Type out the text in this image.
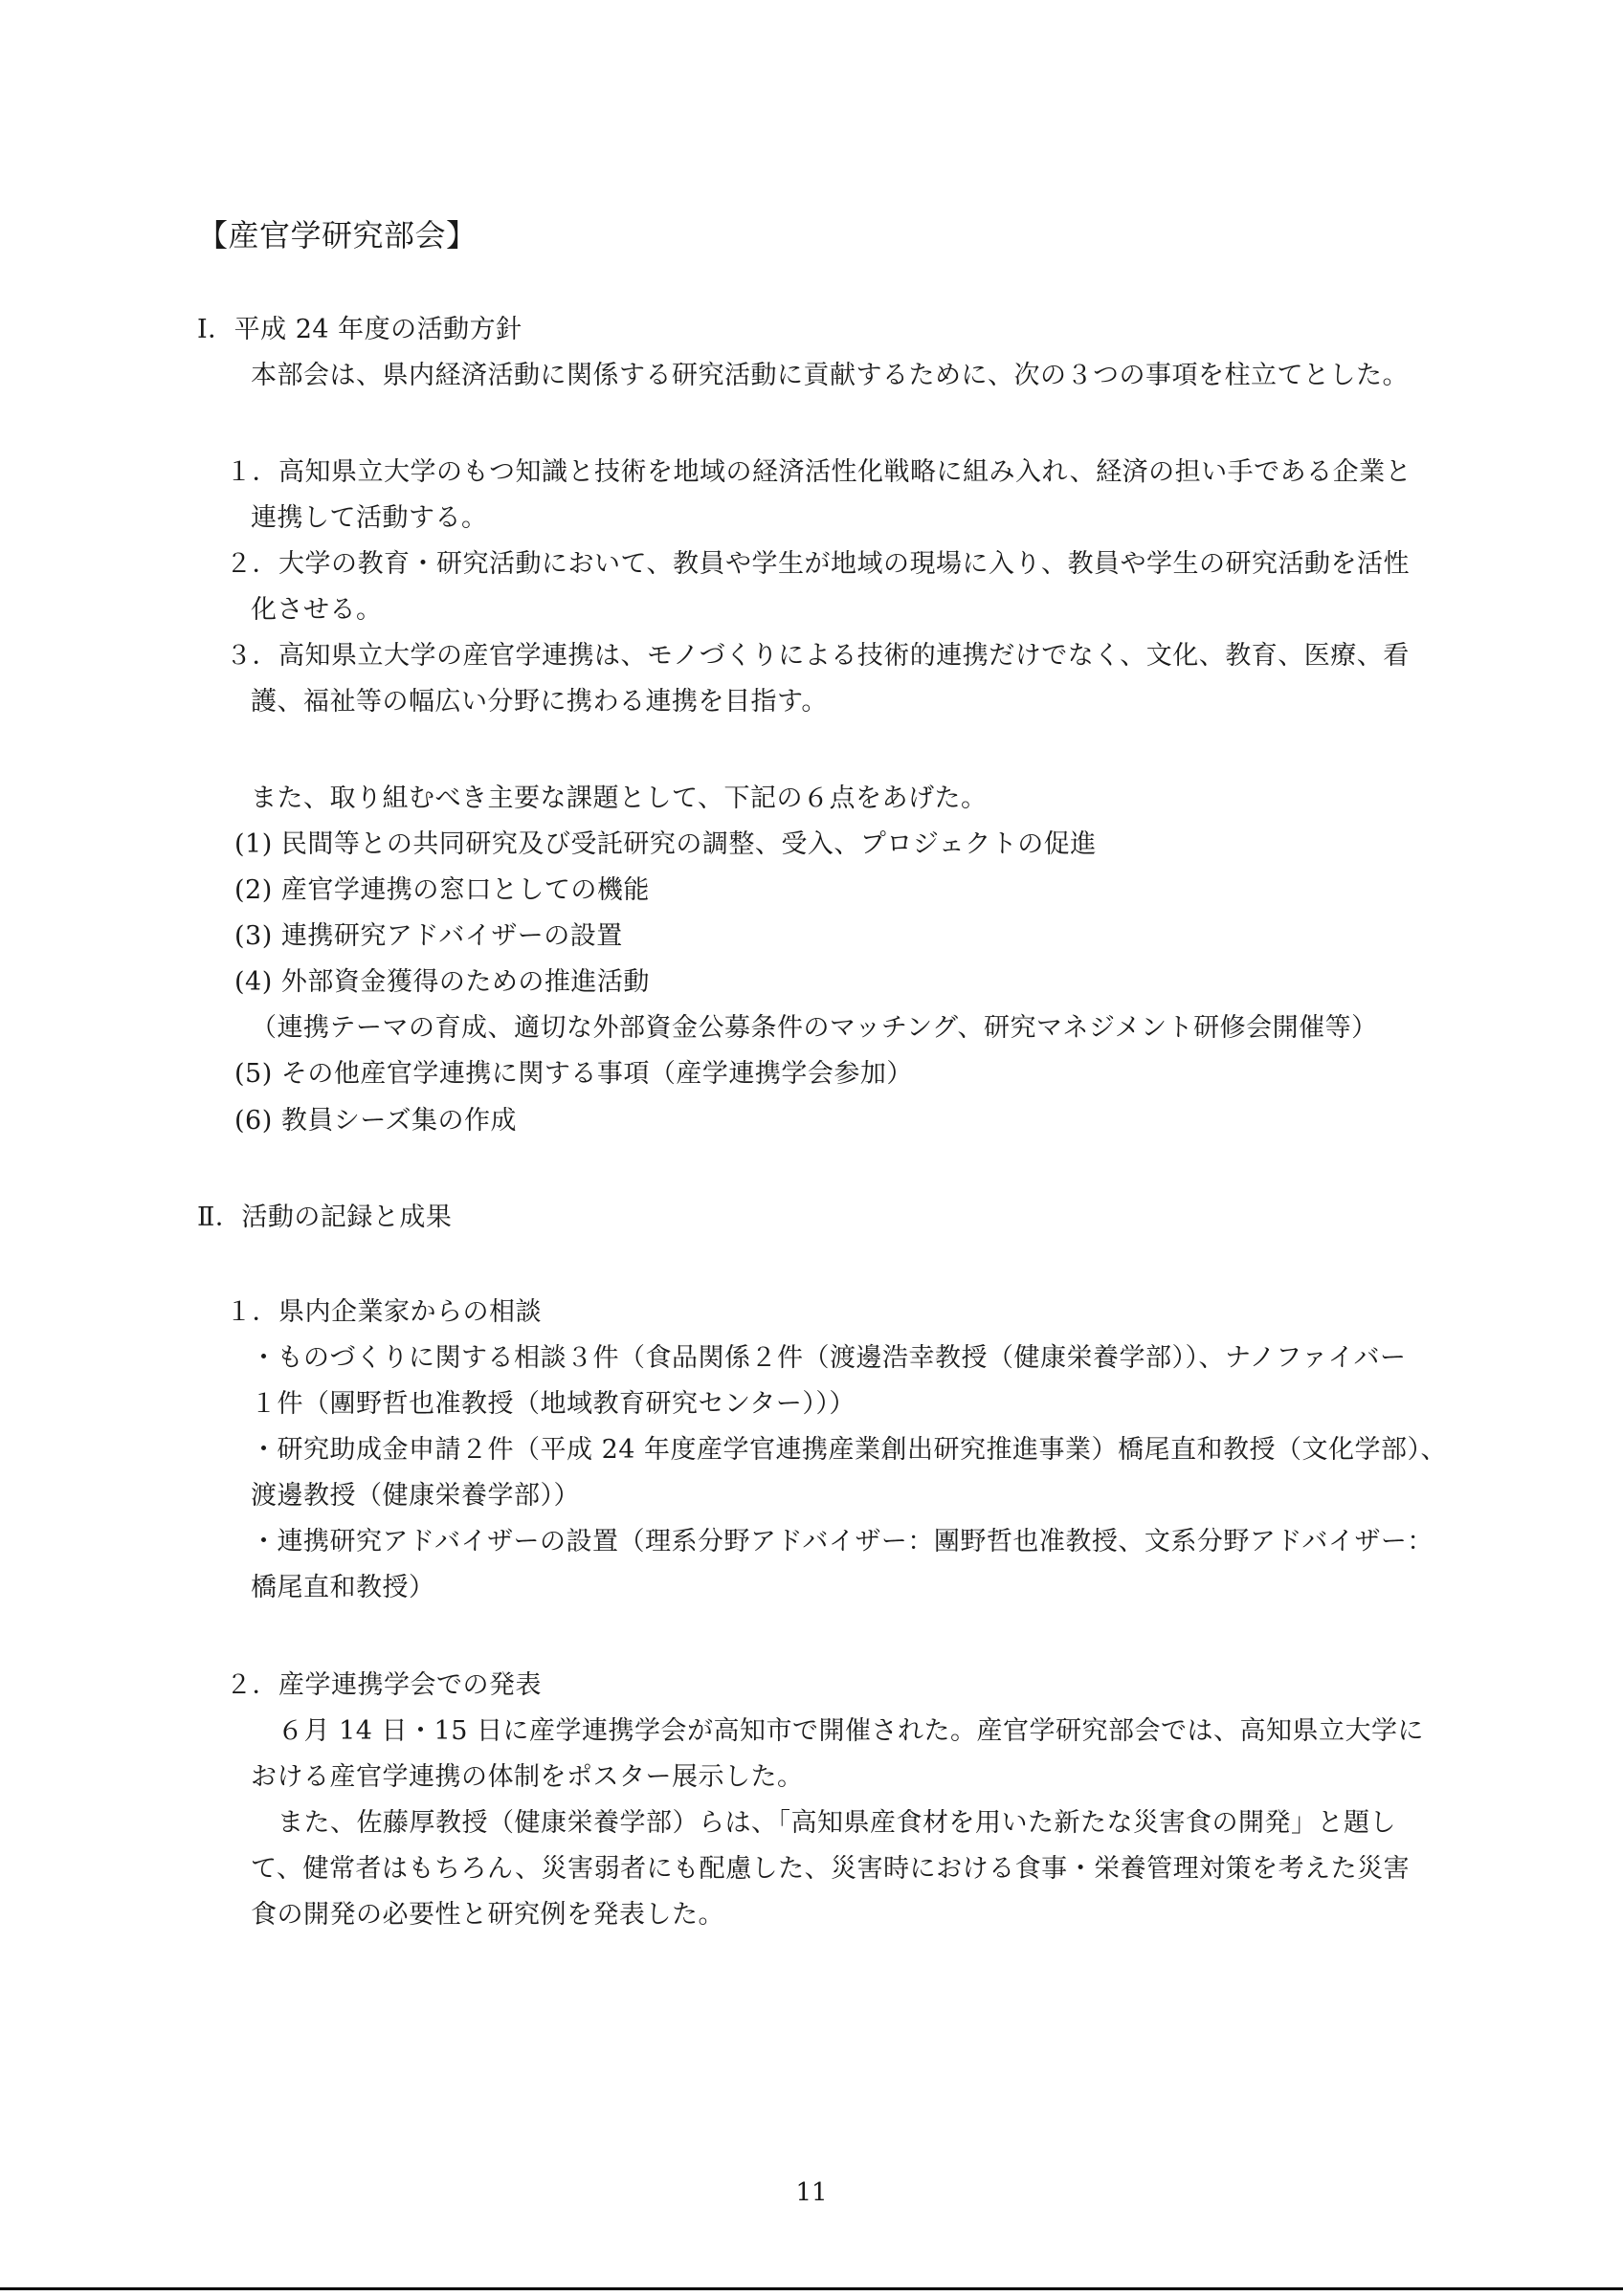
【産官学研究部会】

Ⅰ．平成 24 年度の活動方針

本部会は、県内経済活動に関係する研究活動に貢献するために、次の３つの事項を柱立てとした。

１．高知県立大学のもつ知識と技術を地域の経済活性化戦略に組み入れ、経済の担い手である企業と

連携して活動する。

２．大学の教育・研究活動において、教員や学生が地域の現場に入り、教員や学生の研究活動を活性

化させる。

３．高知県立大学の産官学連携は、モノづくりによる技術的連携だけでなく、文化、教育、医療、看

護、福祉等の幅広い分野に携わる連携を目指す。

また、取り組むべき主要な課題として、下記の６点をあげた。

(1) 民間等との共同研究及び受託研究の調整、受入、プロジェクトの促進

(2) 産官学連携の窓口としての機能

(3) 連携研究アドバイザーの設置

(4) 外部資金獲得のための推進活動

（連携テーマの育成、適切な外部資金公募条件のマッチング、研究マネジメント研修会開催等）

(5) その他産官学連携に関する事項（産学連携学会参加）

(6) 教員シーズ集の作成

Ⅱ．活動の記録と成果

１．県内企業家からの相談

・ものづくりに関する相談３件（食品関係２件（渡邊浩幸教授（健康栄養学部））、ナノファイバー

１件（團野哲也准教授（地域教育研究センター）））

・研究助成金申請２件（平成 24 年度産学官連携産業創出研究推進事業）橋尾直和教授（文化学部）、

渡邊教授（健康栄養学部））

・連携研究アドバイザーの設置（理系分野アドバイザー：團野哲也准教授、文系分野アドバイザー：

橋尾直和教授）

２．産学連携学会での発表

６月 14 日・15 日に産学連携学会が高知市で開催された。産官学研究部会では、高知県立大学に

おける産官学連携の体制をポスター展示した。

また、佐藤厚教授（健康栄養学部）らは、「高知県産食材を用いた新たな災害食の開発」と題し

て、健常者はもちろん、災害弱者にも配慮した、災害時における食事・栄養管理対策を考えた災害

食の開発の必要性と研究例を発表した。

11
